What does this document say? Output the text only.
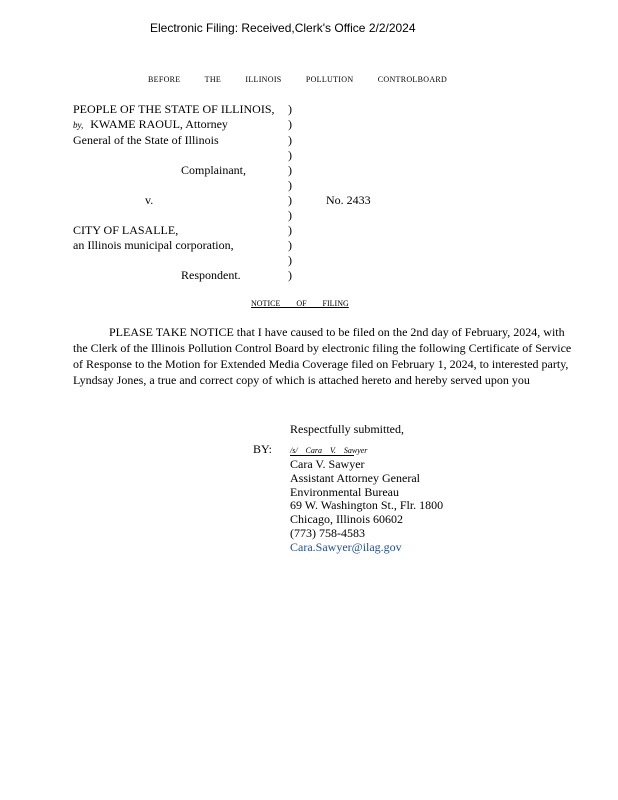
Electronic Filing: Received,Clerk's Office 2/2/2024
BEFORE THE ILLINOIS POLLUTION CONTROLBOARD
PEOPLE OF THE STATE OF ILLINOIS,
by, KWAME RAOUL, Attorney
General of the State of Illinois
Complainant,
v.
CITY OF LASALLE,
an Illinois municipal corporation,
Respondent.
)
)
)
)
)
)
)
)
)
)
)
)
No. 2433
NOTICE OF FILING
PLEASE TAKE NOTICE that I have caused to be filed on the 2nd day of February, 2024, with the Clerk of the Illinois Pollution Control Board by electronic filing the following Certificate of Service of Response to the Motion for Extended Media Coverage filed on February 1, 2024, to interested party, Lyndsay Jones, a true and correct copy of which is attached hereto and hereby served upon you
Respectfully submitted,
BY: /s/ Cara V. Sawyer
Cara V. Sawyer
Assistant Attorney General
Environmental Bureau
69 W. Washington St., Flr. 1800
Chicago, Illinois 60602
(773) 758-4583
Cara.Sawyer@ilag.gov
